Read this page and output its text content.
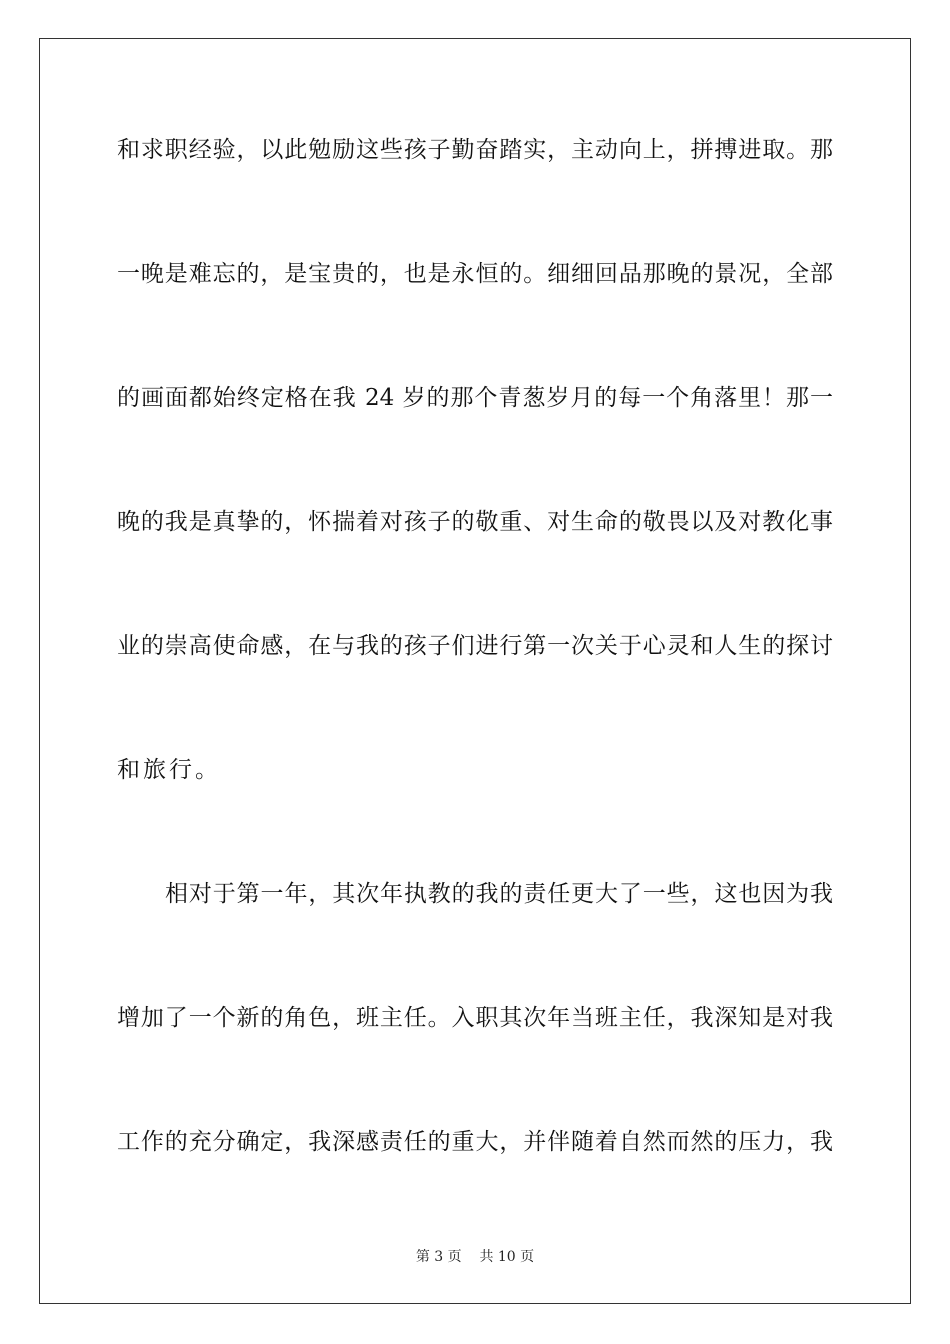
和求职经验，以此勉励这些孩子勤奋踏实，主动向上，拼搏进取。那
一晚是难忘的，是宝贵的，也是永恒的。细细回品那晚的景况，全部
的画面都始终定格在我 24 岁的那个青葱岁月的每一个角落里！那一
晚的我是真挚的，怀揣着对孩子的敬重、对生命的敬畏以及对教化事
业的崇高使命感，在与我的孩子们进行第一次关于心灵和人生的探讨
和旅行。
相对于第一年，其次年执教的我的责任更大了一些，这也因为我
增加了一个新的角色，班主任。入职其次年当班主任，我深知是对我
工作的充分确定，我深感责任的重大，并伴随着自然而然的压力，我
第 3 页 共 10 页
